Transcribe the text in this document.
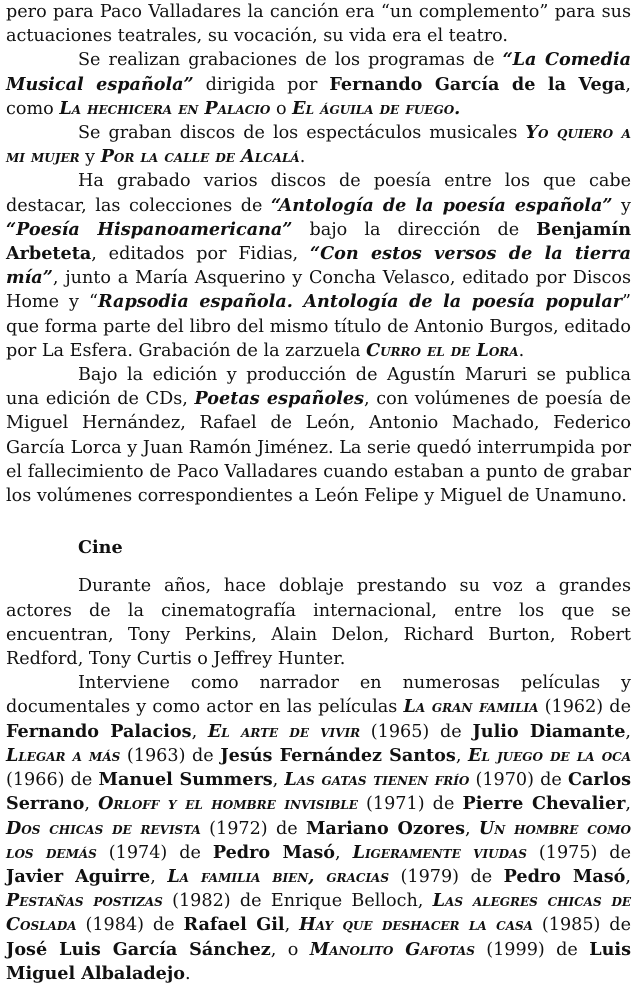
pero para Paco Valladares la canción era “un complemento” para sus actuaciones teatrales, su vocación, su vida era el teatro.

Se realizan grabaciones de los programas de “La Comedia Musical española” dirigida por Fernando García de la Vega, como La hechicera en Palacio o El águila de fuego.

Se graban discos de los espectáculos musicales Yo quiero a mi mujer y Por la calle de Alcalá.

Ha grabado varios discos de poesía entre los que cabe destacar, las colecciones de “Antología de la poesía española” y “Poesía Hispanoamericana” bajo la dirección de Benjamín Arbeteta, editados por Fidias, “Con estos versos de la tierra mía”, junto a María Asquerino y Concha Velasco, editado por Discos Home y “Rapsodia española. Antología de la poesía popular” que forma parte del libro del mismo título de Antonio Burgos, editado por La Esfera. Grabación de la zarzuela Curro el de Lora.

Bajo la edición y producción de Agustín Maruri se publica una edición de CDs, Poetas españoles, con volúmenes de poesía de Miguel Hernández, Rafael de León, Antonio Machado, Federico García Lorca y Juan Ramón Jiménez. La serie quedó interrumpida por el fallecimiento de Paco Valladares cuando estaban a punto de grabar los volúmenes correspondientes a León Felipe y Miguel de Unamuno.

Cine

Durante años, hace doblaje prestando su voz a grandes actores de la cinematografía internacional, entre los que se encuentran, Tony Perkins, Alain Delon, Richard Burton, Robert Redford, Tony Curtis o Jeffrey Hunter.

Interviene como narrador en numerosas películas y documentales y como actor en las películas La gran familia (1962) de Fernando Palacios, El arte de vivir (1965) de Julio Diamante, Llegar a más (1963) de Jesús Fernández Santos, El juego de la oca (1966) de Manuel Summers, Las gatas tienen frío (1970) de Carlos Serrano, Orloff y el hombre invisible (1971) de Pierre Chevalier, Dos chicas de revista (1972) de Mariano Ozores, Un hombre como los demás (1974) de Pedro Masó, Ligeramente viudas (1975) de Javier Aguirre, La familia bien, gracias (1979) de Pedro Masó, Pestañas postizas (1982) de Enrique Belloch, Las alegres chicas de Coslada (1984) de Rafael Gil, Hay que deshacer la casa (1985) de José Luis García Sánchez, o Manolito Gafotas (1999) de Luis Miguel Albaladejo.
